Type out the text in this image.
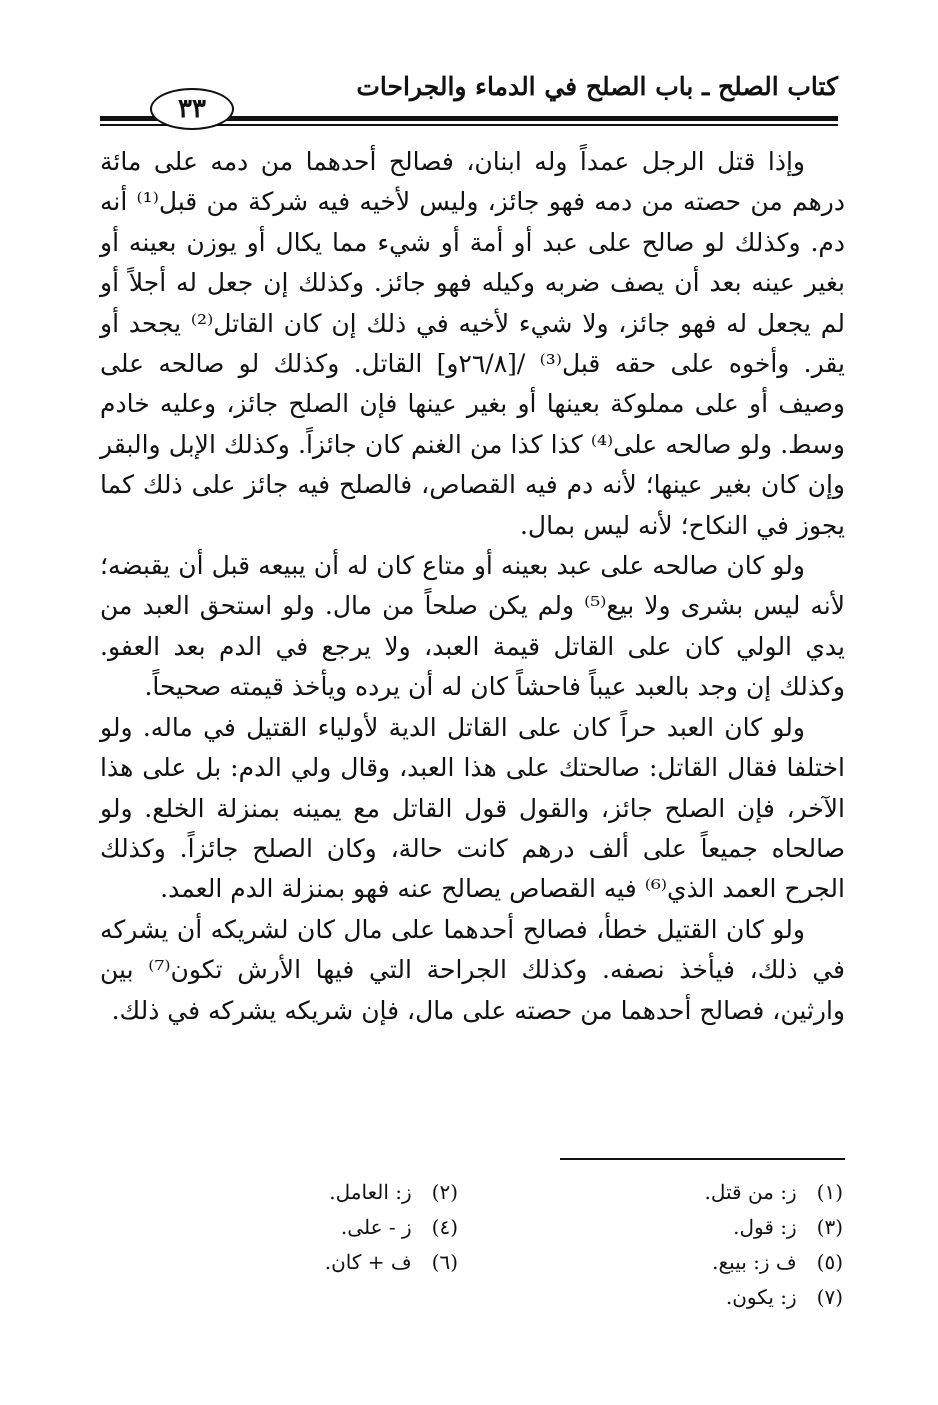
كتاب الصلح ـ باب الصلح في الدماء والجراحات
٣٣

وإذا قتل الرجل عمداً وله ابنان، فصالح أحدهما من دمه على مائة درهم من حصته من دمه فهو جائز، وليس لأخيه فيه شركة من قبل⁽¹⁾ أنه دم. وكذلك لو صالح على عبد أو أمة أو شيء مما يكال أو يوزن بعينه أو بغير عينه بعد أن يصف ضربه وكيله فهو جائز. وكذلك إن جعل له أجلاً أو لم يجعل له فهو جائز، ولا شيء لأخيه في ذلك إن كان القاتل⁽²⁾ يجحد أو يقر. وأخوه على حقه قبل⁽³⁾ /[٢٦/٨و] القاتل. وكذلك لو صالحه على وصيف أو على مملوكة بعينها أو بغير عينها فإن الصلح جائز، وعليه خادم وسط. ولو صالحه على⁽⁴⁾ كذا كذا من الغنم كان جائزاً. وكذلك الإبل والبقر وإن كان بغير عينها؛ لأنه دم فيه القصاص، فالصلح فيه جائز على ذلك كما يجوز في النكاح؛ لأنه ليس بمال.

ولو كان صالحه على عبد بعينه أو متاع كان له أن يبيعه قبل أن يقبضه؛ لأنه ليس بشرى ولا بيع⁽⁵⁾ ولم يكن صلحاً من مال. ولو استحق العبد من يدي الولي كان على القاتل قيمة العبد، ولا يرجع في الدم بعد العفو. وكذلك إن وجد بالعبد عيباً فاحشاً كان له أن يرده ويأخذ قيمته صحيحاً.

ولو كان العبد حراً كان على القاتل الدية لأولياء القتيل في ماله. ولو اختلفا فقال القاتل: صالحتك على هذا العبد، وقال ولي الدم: بل على هذا الآخر، فإن الصلح جائز، والقول قول القاتل مع يمينه بمنزلة الخلع. ولو صالحاه جميعاً على ألف درهم كانت حالة، وكان الصلح جائزاً. وكذلك الجرح العمد الذي⁽⁶⁾ فيه القصاص يصالح عنه فهو بمنزلة الدم العمد.

ولو كان القتيل خطأ، فصالح أحدهما على مال كان لشريكه أن يشركه في ذلك، فيأخذ نصفه. وكذلك الجراحة التي فيها الأرش تكون⁽⁷⁾ بين وارثين، فصالح أحدهما من حصته على مال، فإن شريكه يشركه في ذلك.

(١) ز: من قتل.
(٣) ز: قول.
(٥) ف ز: بيبع.
(٧) ز: يكون.
(٢) ز: العامل.
(٤) ز - على.
(٦) ف + كان.
